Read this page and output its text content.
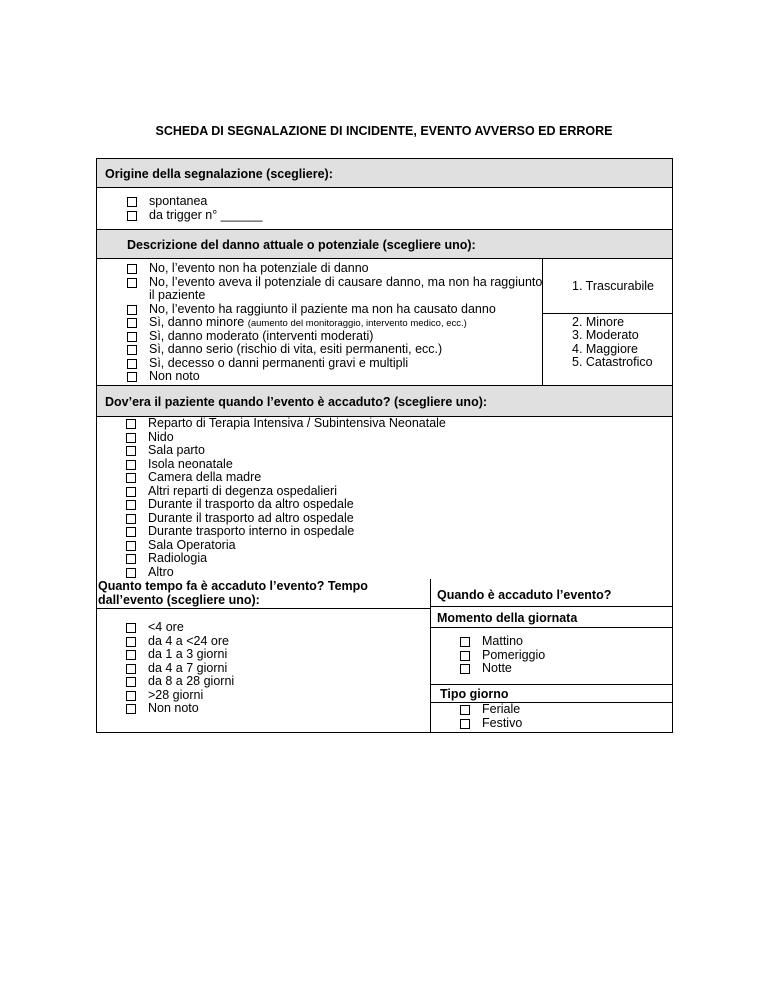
SCHEDA DI SEGNALAZIONE DI INCIDENTE, EVENTO AVVERSO ED ERRORE
Origine della segnalazione (scegliere):
spontanea
da trigger n° ______
Descrizione del danno attuale o potenziale (scegliere uno):
No, l’evento non ha potenziale di danno
No, l’evento aveva il potenziale di causare danno, ma non ha raggiunto il paziente
No, l’evento ha raggiunto il paziente ma non ha causato danno
Sì, danno minore (aumento del monitoraggio, intervento medico, ecc.)
Sì, danno moderato (interventi moderati)
Sì, danno serio (rischio di vita, esiti permanenti, ecc.)
Sì, decesso o danni permanenti gravi e multipli
Non noto
1. Trascurabile
2. Minore
3. Moderato
4. Maggiore
5. Catastrofico
Dov’era il paziente quando l’evento è accaduto? (scegliere uno):
Reparto di Terapia Intensiva / Subintensiva Neonatale
Nido
Sala parto
Isola neonatale
Camera della madre
Altri reparti di degenza ospedalieri
Durante il trasporto da altro ospedale
Durante il trasporto ad altro ospedale
Durante trasporto interno in ospedale
Sala Operatoria
Radiologia
Altro
Quanto tempo fa è accaduto l’evento? Tempo dall’evento (scegliere uno):
<4 ore
da 4 a <24 ore
da 1 a 3 giorni
da 4 a 7 giorni
da 8 a 28 giorni
>28 giorni
Non noto
Quando è accaduto l’evento?
Momento della giornata
Mattino
Pomeriggio
Notte
Tipo giorno
Feriale
Festivo
